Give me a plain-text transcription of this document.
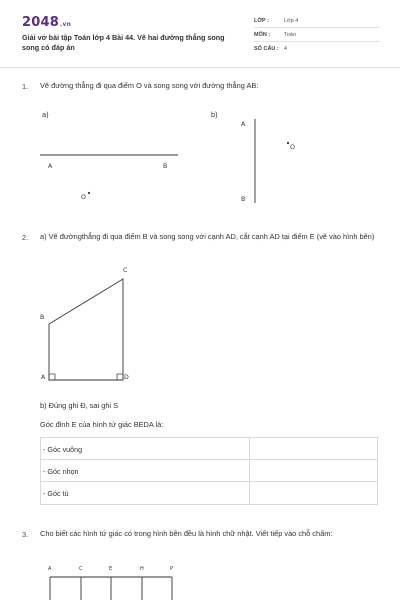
2048.vn
Giải vở bài tập Toán lớp 4 Bài 44. Vẽ hai đường thẳng song song có đáp án
LỚP :	Lớp 4
MÔN :	Toán
SỐ CÂU : 4
1. Vẽ đường thẳng đi qua điểm O và song song với đường thẳng AB:
a)	b)
A	B
O
A
B
O
2. a) Vẽ đườngthẳng đi qua điểm B và song song với cạnh AD, cắt cạnh AD tại điểm E (vẽ vào hình bên)
C
B
A	D
b) Đúng ghi Đ, sai ghi S
Góc đỉnh E của hình tứ giác BEDA là:
- Góc vuông
- Góc nhọn
- Góc tù
3. Cho biết các hình tứ giác có trong hình bên đều là hình chữ nhật. Viết tiếp vào chỗ chấm:
A	C	E	H	P
